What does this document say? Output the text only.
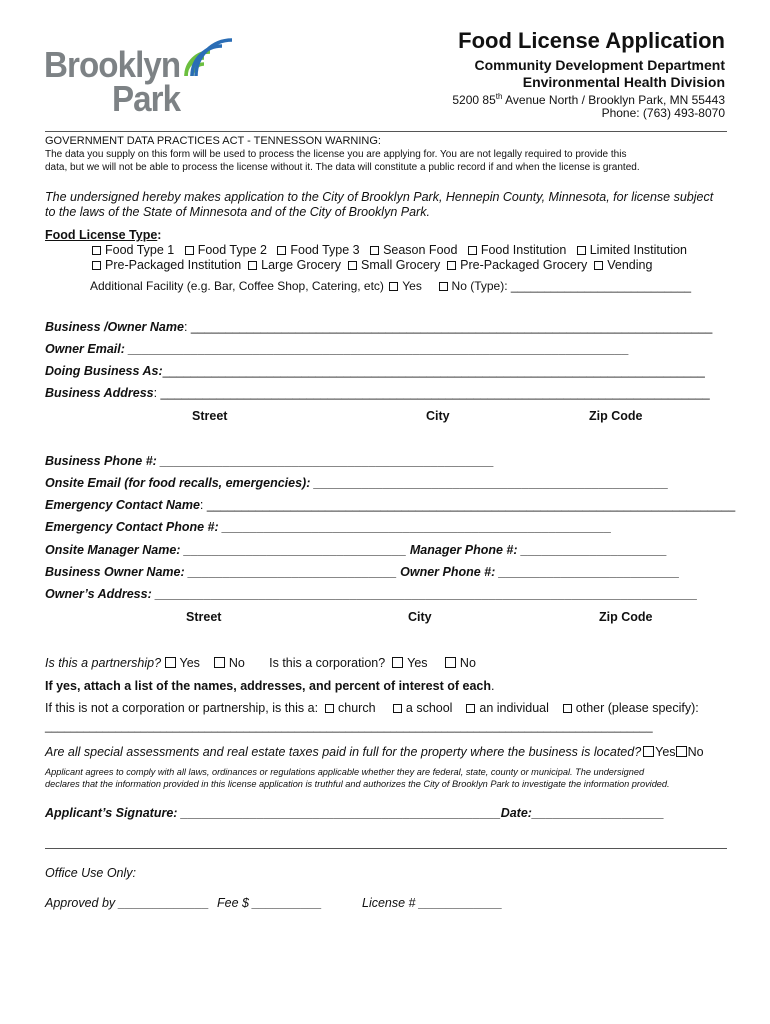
Brooklyn
Park
Food License Application
Community Development Department
Environmental Health Division
5200 85th Avenue North / Brooklyn Park, MN 55443
Phone: (763) 493-8070
GOVERNMENT DATA PRACTICES ACT - TENNESSON WARNING:
The data you supply on this form will be used to process the license you are applying for. You are not legally required to provide this
data, but we will not be able to process the license without it. The data will constitute a public record if and when the license is granted.
The undersigned hereby makes application to the City of Brooklyn Park, Hennepin County, Minnesota, for license subject
to the laws of the State of Minnesota and of the City of Brooklyn Park.
Food License Type:
Food Type 1 Food Type 2 Food Type 3 Season Food Food Institution Limited Institution
Pre-Packaged Institution Large Grocery Small Grocery Pre-Packaged Grocery Vending
Additional Facility (e.g. Bar, Coffee Shop, Catering, etc) Yes No (Type): ___________________________
Business /Owner Name: ___________________________________________________________________________
Owner Email: ________________________________________________________________________
Doing Business As:______________________________________________________________________________
Business Address: _______________________________________________________________________________
Street	City	Zip Code
Business Phone #: ________________________________________________
Onsite Email (for food recalls, emergencies): ___________________________________________________
Emergency Contact Name: ____________________________________________________________________________
Emergency Contact Phone #: ________________________________________________________
Onsite Manager Name: ________________________________ Manager Phone #: _____________________
Business Owner Name: ______________________________ Owner Phone #: __________________________
Owner’s Address: ______________________________________________________________________________
Street	City	Zip Code
Is this a partnership? Yes No Is this a corporation? Yes	No
If yes, attach a list of the names, addresses, and percent of interest of each.
If this is not a corporation or partnership, is this a: church a school an individual other (please specify):
_______________________________________________________________________________________________
Are all special assessments and real estate taxes paid in full for the property where the business is located? Yes No
Applicant agrees to comply with all laws, ordinances or regulations applicable whether they are federal, state, county or municipal. The undersigned
declares that the information provided in this license application is truthful and authorizes the City of Brooklyn Park to investigate the information provided.
Applicant’s Signature: ______________________________________________Date:___________________
Office Use Only:
Approved by _____________ Fee $ __________	License # ____________
